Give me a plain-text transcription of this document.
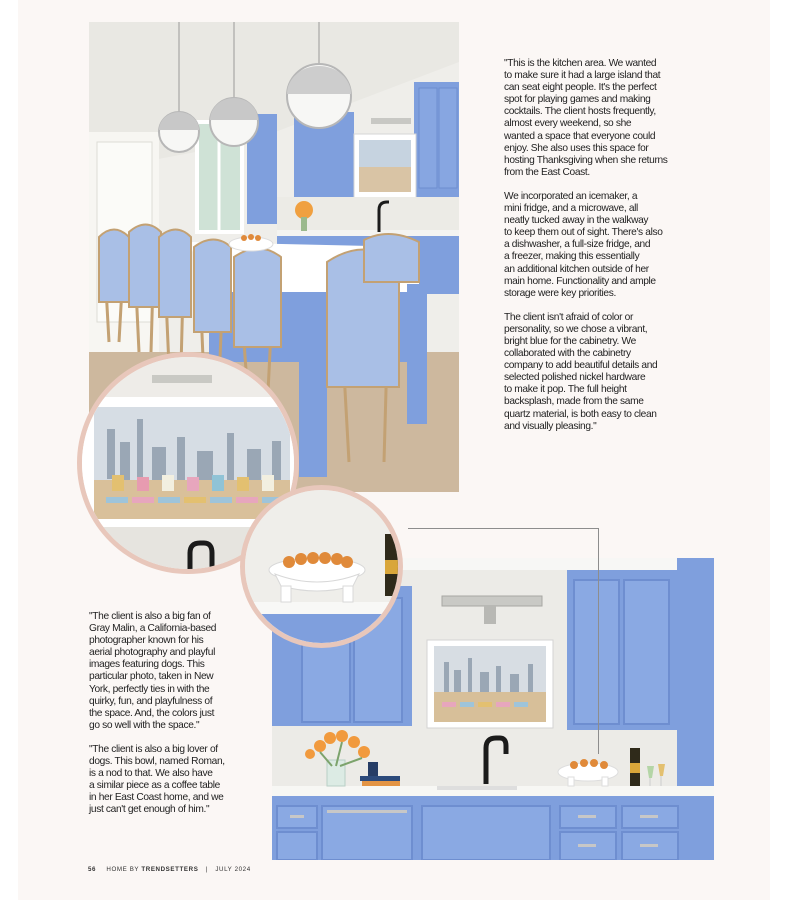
"This is the kitchen area. We wanted
to make sure it had a large island that
can seat eight people. It's the perfect
spot for playing games and making
cocktails. The client hosts frequently,
almost every weekend, so she
wanted a space that everyone could
enjoy. She also uses this space for
hosting Thanksgiving when she returns
from the East Coast.

We incorporated an icemaker, a
mini fridge, and a microwave, all
neatly tucked away in the walkway
to keep them out of sight. There's also
a dishwasher, a full-size fridge, and
a freezer, making this essentially
an additional kitchen outside of her
main home. Functionality and ample
storage were key priorities.

The client isn't afraid of color or
personality, so we chose a vibrant,
bright blue for the cabinetry. We
collaborated with the cabinetry
company to add beautiful details and
selected polished nickel hardware
to make it pop. The full height
backsplash, made from the same
quartz material, is both easy to clean
and visually pleasing."

"The client is also a big fan of
Gray Malin, a California-based
photographer known for his
aerial photography and playful
images featuring dogs. This
particular photo, taken in New
York, perfectly ties in with the
quirky, fun, and playfulness of
the space. And, the colors just
go so well with the space."

"The client is also a big lover of
dogs. This bowl, named Roman,
is a nod to that. We also have
a similar piece as a coffee table
in her East Coast home, and we
just can't get enough of him."

56 HOME BY TRENDSETTERS | JULY 2024
